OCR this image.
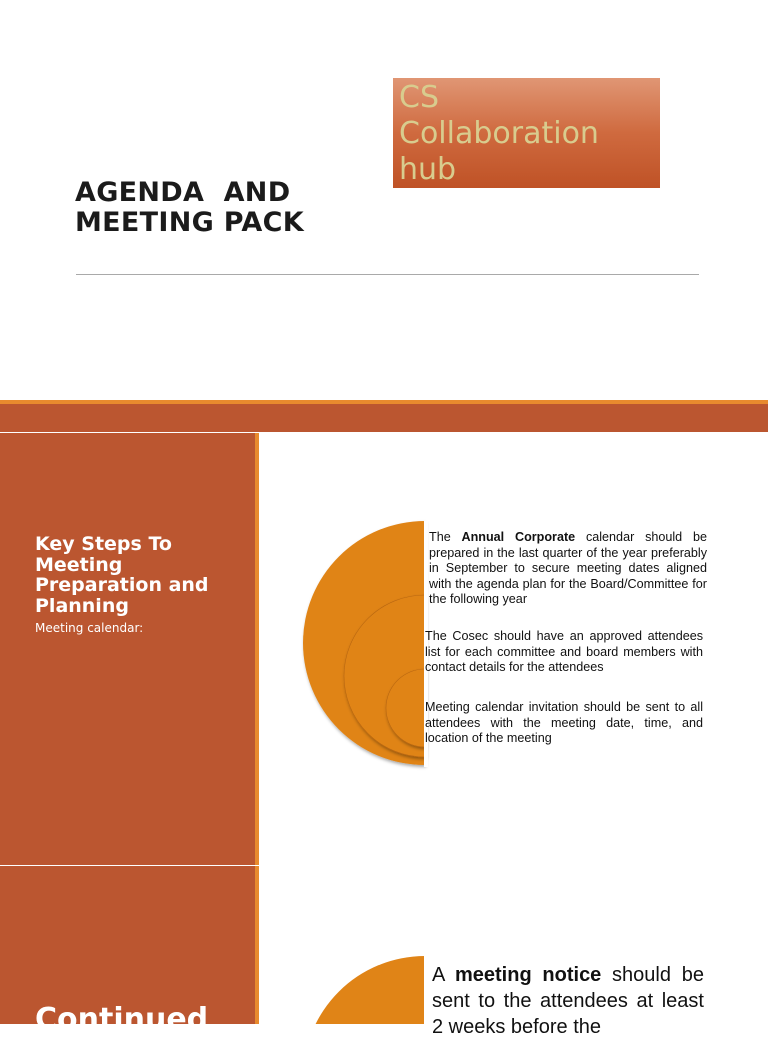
CS
Collaboration
hub
AGENDA  AND
MEETING PACK
Key Steps To
Meeting
Preparation and
Planning
Meeting calendar:
The Annual Corporate calendar should be prepared in the last quarter of the year preferably in September to secure meeting dates aligned with the agenda plan for the Board/Committee for the following year
The Cosec should have an approved attendees list for each committee and board members with contact details for the attendees
Meeting calendar invitation should be sent to all attendees with the meeting date, time, and location of the meeting
Continued
A meeting notice should be sent to the attendees at least 2 weeks before the
